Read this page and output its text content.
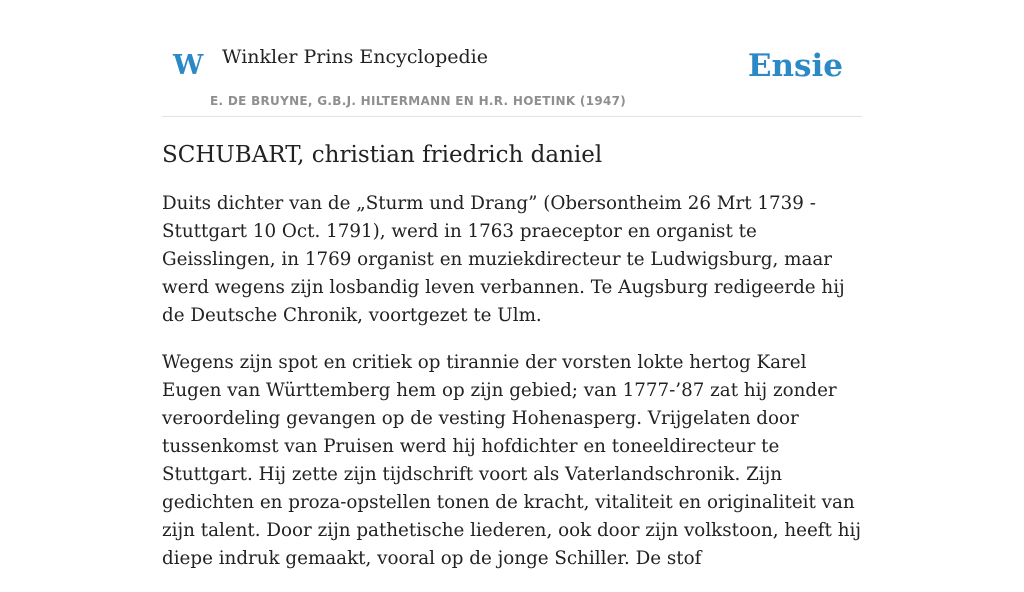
W Winkler Prins Encyclopedie
E. DE BRUYNE, G.B.J. HILTERMANN EN H.R. HOETINK (1947)
Ensie
SCHUBART, christian friedrich daniel

Duits dichter van de „Sturm und Drang” (Obersontheim 26 Mrt 1739 - Stuttgart 10 Oct. 1791), werd in 1763 praeceptor en organist te Geisslingen, in 1769 organist en muziekdirecteur te Ludwigsburg, maar werd wegens zijn losbandig leven verbannen. Te Augsburg redigeerde hij de Deutsche Chronik, voortgezet te Ulm.

Wegens zijn spot en critiek op tirannie der vorsten lokte hertog Karel Eugen van Württemberg hem op zijn gebied; van 1777-’87 zat hij zonder veroordeling gevangen op de vesting Hohenasperg. Vrijgelaten door tussenkomst van Pruisen werd hij hofdichter en toneeldirecteur te Stuttgart. Hij zette zijn tijdschrift voort als Vaterlandschronik. Zijn gedichten en proza-opstellen tonen de kracht, vitaliteit en originaliteit van zijn talent. Door zijn pathetische liederen, ook door zijn volkstoon, heeft hij diepe indruk gemaakt, vooral op de jonge Schiller. De stof
